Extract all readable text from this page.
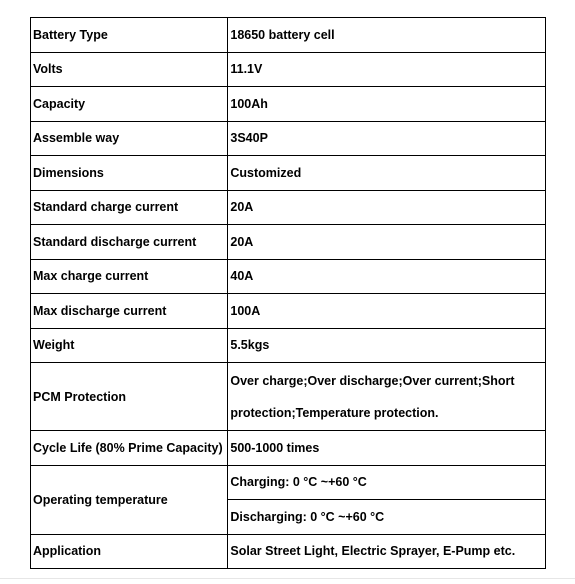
Battery Type	18650 battery cell
Volts	11.1V
Capacity	100Ah
Assemble way	3S40P
Dimensions	Customized
Standard charge current	20A
Standard discharge current	20A
Max charge current	40A
Max discharge current	100A
Weight	5.5kgs
PCM Protection	Over charge;Over discharge;Over current;Short protection;Temperature protection.
Cycle Life (80% Prime Capacity)	500-1000 times
Operating temperature	Charging: 0 °C ~+60 °C
	Discharging: 0 °C ~+60 °C
Application	Solar Street Light, Electric Sprayer, E-Pump etc.
